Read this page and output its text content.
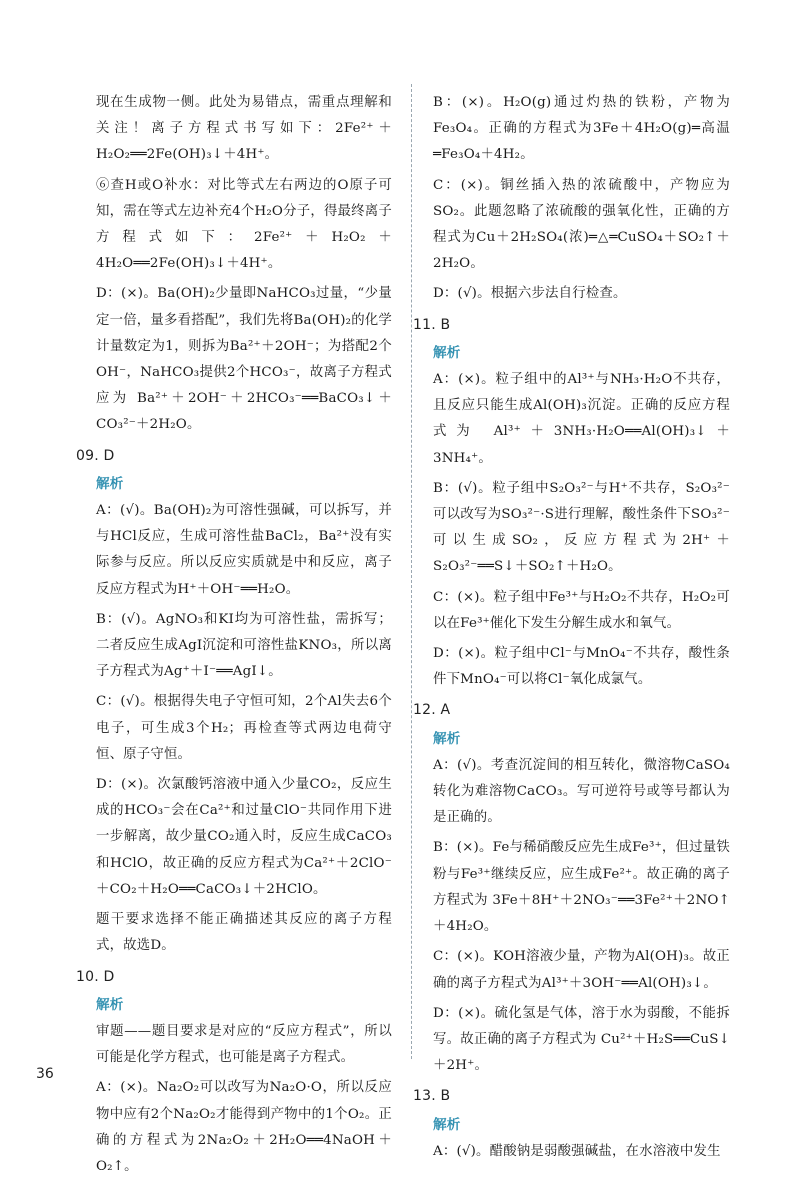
现在生成物一侧。此处为易错点，需重点理解和关注！离子方程式书写如下：2Fe²⁺＋H₂O₂══2Fe(OH)₃↓＋4H⁺。

⑥查H或O补水：对比等式左右两边的O原子可知，需在等式左边补充4个H₂O分子，得最终离子方程式如下：2Fe²⁺＋H₂O₂＋4H₂O══2Fe(OH)₃↓＋4H⁺。

D：(×)。Ba(OH)₂少量即NaHCO₃过量，“少量定一倍，量多看搭配”，我们先将Ba(OH)₂的化学计量数定为1，则拆为Ba²⁺＋2OH⁻；为搭配2个OH⁻，NaHCO₃提供2个HCO₃⁻，故离子方程式应为 Ba²⁺＋2OH⁻＋2HCO₃⁻══BaCO₃↓＋CO₃²⁻＋2H₂O。

09. D
解析

A：(√)。Ba(OH)₂为可溶性强碱，可以拆写，并与HCl反应，生成可溶性盐BaCl₂，Ba²⁺没有实际参与反应。所以反应实质就是中和反应，离子反应方程式为H⁺＋OH⁻══H₂O。

B：(√)。AgNO₃和KI均为可溶性盐，需拆写；二者反应生成AgI沉淀和可溶性盐KNO₃，所以离子方程式为Ag⁺＋I⁻══AgI↓。

C：(√)。根据得失电子守恒可知，2个Al失去6个电子，可生成3个H₂；再检查等式两边电荷守恒、原子守恒。

D：(×)。次氯酸钙溶液中通入少量CO₂，反应生成的HCO₃⁻会在Ca²⁺和过量ClO⁻共同作用下进一步解离，故少量CO₂通入时，反应生成CaCO₃和HClO，故正确的反应方程式为Ca²⁺＋2ClO⁻＋CO₂＋H₂O══CaCO₃↓＋2HClO。

题干要求选择不能正确描述其反应的离子方程式，故选D。

10. D
解析

审题——题目要求是对应的“反应方程式”，所以可能是化学方程式，也可能是离子方程式。

A：(×)。Na₂O₂可以改写为Na₂O·O，所以反应物中应有2个Na₂O₂才能得到产物中的1个O₂。正确的方程式为2Na₂O₂＋2H₂O══4NaOH＋O₂↑。

B：(×)。H₂O(g)通过灼热的铁粉，产物为Fe₃O₄。正确的方程式为3Fe＋4H₂O(g)═高温═Fe₃O₄＋4H₂。

C：(×)。铜丝插入热的浓硫酸中，产物应为SO₂。此题忽略了浓硫酸的强氧化性，正确的方程式为Cu＋2H₂SO₄(浓)═△═CuSO₄＋SO₂↑＋2H₂O。

D：(√)。根据六步法自行检查。

11. B
解析

A：(×)。粒子组中的Al³⁺与NH₃·H₂O不共存，且反应只能生成Al(OH)₃沉淀。正确的反应方程式为 Al³⁺＋3NH₃·H₂O══Al(OH)₃↓＋3NH₄⁺。

B：(√)。粒子组中S₂O₃²⁻与H⁺不共存，S₂O₃²⁻可以改写为SO₃²⁻·S进行理解，酸性条件下SO₃²⁻可以生成SO₂，反应方程式为2H⁺＋S₂O₃²⁻══S↓＋SO₂↑＋H₂O。

C：(×)。粒子组中Fe³⁺与H₂O₂不共存，H₂O₂可以在Fe³⁺催化下发生分解生成水和氧气。

D：(×)。粒子组中Cl⁻与MnO₄⁻不共存，酸性条件下MnO₄⁻可以将Cl⁻氧化成氯气。

12. A
解析

A：(√)。考查沉淀间的相互转化，微溶物CaSO₄转化为难溶物CaCO₃。写可逆符号或等号都认为是正确的。

B：(×)。Fe与稀硝酸反应先生成Fe³⁺，但过量铁粉与Fe³⁺继续反应，应生成Fe²⁺。故正确的离子方程式为 3Fe＋8H⁺＋2NO₃⁻══3Fe²⁺＋2NO↑＋4H₂O。

C：(×)。KOH溶液少量，产物为Al(OH)₃。故正确的离子方程式为Al³⁺＋3OH⁻══Al(OH)₃↓。

D：(×)。硫化氢是气体，溶于水为弱酸，不能拆写。故正确的离子方程式为 Cu²⁺＋H₂S══CuS↓＋2H⁺。

13. B
解析

A：(√)。醋酸钠是弱酸强碱盐，在水溶液中发生

36
